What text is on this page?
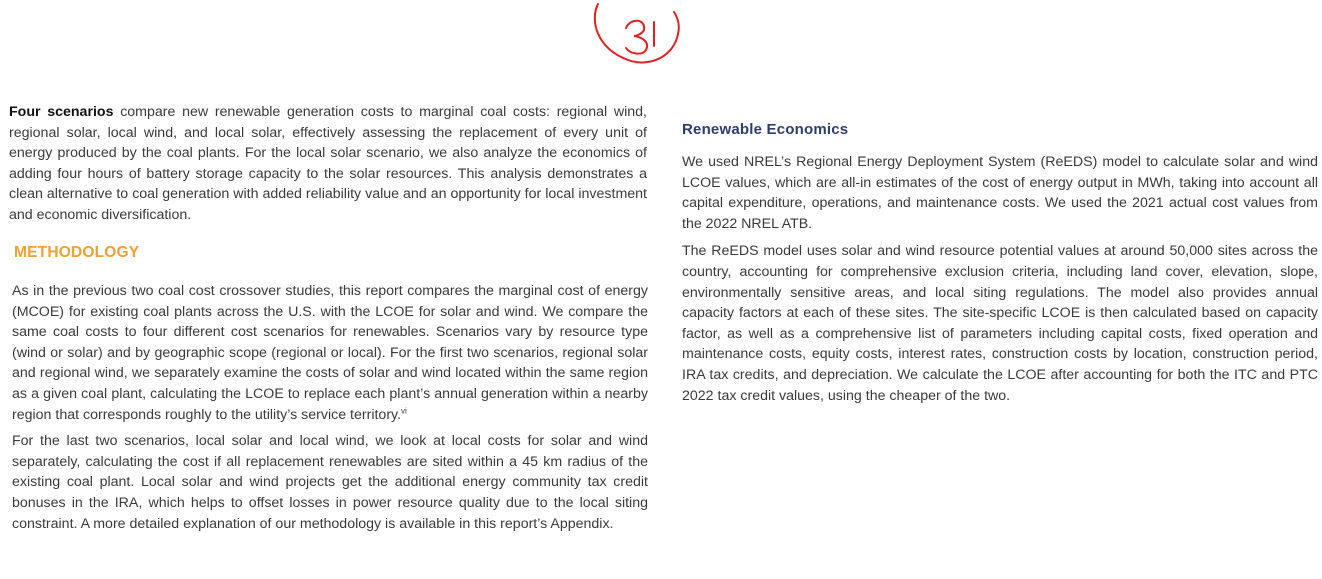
Four scenarios compare new renewable generation costs to marginal coal costs: regional wind, regional solar, local wind, and local solar, effectively assessing the replacement of every unit of energy produced by the coal plants. For the local solar scenario, we also analyze the economics of adding four hours of battery storage capacity to the solar resources. This analysis demonstrates a clean alternative to coal generation with added reliability value and an opportunity for local investment and economic diversification.

METHODOLOGY

As in the previous two coal cost crossover studies, this report compares the marginal cost of energy (MCOE) for existing coal plants across the U.S. with the LCOE for solar and wind. We compare the same coal costs to four different cost scenarios for renewables. Scenarios vary by resource type (wind or solar) and by geographic scope (regional or local). For the first two scenarios, regional solar and regional wind, we separately examine the costs of solar and wind located within the same region as a given coal plant, calculating the LCOE to replace each plant’s annual generation within a nearby region that corresponds roughly to the utility’s service territory.$^{vi}$

For the last two scenarios, local solar and local wind, we look at local costs for solar and wind separately, calculating the cost if all replacement renewables are sited within a 45 km radius of the existing coal plant. Local solar and wind projects get the additional energy community tax credit bonuses in the IRA, which helps to offset losses in power resource quality due to the local siting constraint. A more detailed explanation of our methodology is available in this report’s Appendix.

Renewable Economics

We used NREL’s Regional Energy Deployment System (ReEDS) model to calculate solar and wind LCOE values, which are all-in estimates of the cost of energy output in MWh, taking into account all capital expenditure, operations, and maintenance costs. We used the 2021 actual cost values from the 2022 NREL ATB.

The ReEDS model uses solar and wind resource potential values at around 50,000 sites across the country, accounting for comprehensive exclusion criteria, including land cover, elevation, slope, environmentally sensitive areas, and local siting regulations. The model also provides annual capacity factors at each of these sites. The site-specific LCOE is then calculated based on capacity factor, as well as a comprehensive list of parameters including capital costs, fixed operation and maintenance costs, equity costs, interest rates, construction costs by location, construction period, IRA tax credits, and depreciation. We calculate the LCOE after accounting for both the ITC and PTC 2022 tax credit values, using the cheaper of the two.
